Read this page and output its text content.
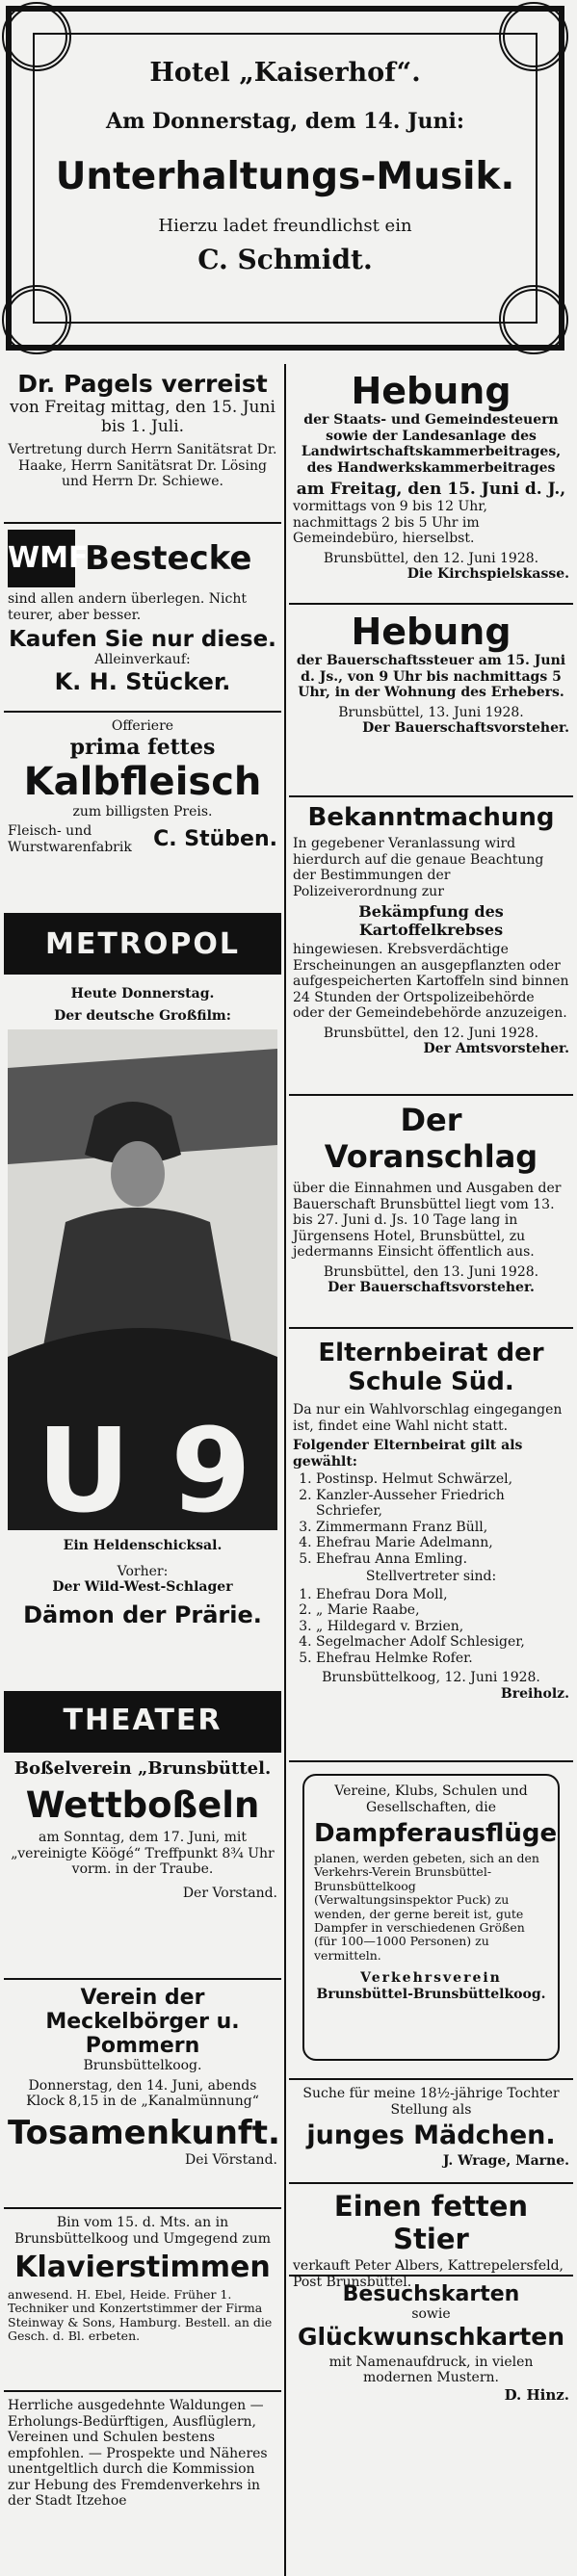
Hotel „Kaiserhof“.
Am Donnerstag, dem 14. Juni:
Unterhaltungs-Musik.
Hierzu ladet freundlichst ein
C. Schmidt.
Dr. Pagels verreist
von Freitag mittag, den 15. Juni bis 1. Juli.
Vertretung durch Herrn Sanitätsrat Dr. Haake, Herrn Sanitätsrat Dr. Lösing und Herrn Dr. Schiewe.
WMF
Bestecke
sind allen andern überlegen. Nicht teurer, aber besser.
Kaufen Sie nur diese.
Alleinverkauf:
K. H. Stücker.
Offeriere
prima fettes
Kalbfleisch
zum billigsten Preis.
Fleisch- und Wurstwarenfabrik	C. Stüben.
METROPOL
Heute Donnerstag.
Der deutsche Großfilm:
U 9
Ein Heldenschicksal.
Vorher:
Der Wild-West-Schlager
Dämon der Prärie.
THEATER
Boßelverein „Brunsbüttel.
Wettboßeln
am Sonntag, dem 17. Juni, mit „vereinigte Köögé“ Treffpunkt 8¾ Uhr vorm. in der Traube.
Der Vorstand.
Verein der Meckelbörger u. Pommern
Brunsbüttelkoog.
Donnerstag, den 14. Juni, abends Klock 8,15 in de „Kanalmünnung“
Tosamenkunft.
Dei Vörstand.
Bin vom 15. d. Mts. an in Brunsbüttelkoog und Umgegend zum
Klavierstimmen
anwesend. H. Ebel, Heide. Früher 1. Techniker und Konzertstimmer der Firma Steinway & Sons, Hamburg. Bestell. an die Gesch. d. Bl. erbeten.
Herrliche ausgedehnte Waldungen — Erholungs-Bedürftigen, Ausflüglern, Vereinen und Schulen bestens empfohlen. — Prospekte und Näheres unentgeltlich durch die Kommission zur Hebung des Fremdenverkehrs in der Stadt Itzehoe
Hebung
der Staats- und Gemeindesteuern sowie der Landesanlage des Landwirtschaftskammerbeitrages, des Handwerkskammerbeitrages
am Freitag, den 15. Juni d. J.,
vormittags von 9 bis 12 Uhr, nachmittags 2 bis 5 Uhr im Gemeindebüro, hierselbst.
Brunsbüttel, den 12. Juni 1928.
Die Kirchspielskasse.
Hebung
der Bauerschaftssteuer am 15. Juni d. Js., von 9 Uhr bis nachmittags 5 Uhr, in der Wohnung des Erhebers.
Brunsbüttel, 13. Juni 1928.
Der Bauerschaftsvorsteher.
Bekanntmachung
In gegebener Veranlassung wird hierdurch auf die genaue Beachtung der Bestimmungen der Polizeiverordnung zur
Bekämpfung des Kartoffelkrebses
hingewiesen. Krebsverdächtige Erscheinungen an ausgepflanzten oder aufgespeicherten Kartoffeln sind binnen 24 Stunden der Ortspolizeibehörde oder der Gemeindebehörde anzuzeigen.
Brunsbüttel, den 12. Juni 1928.
Der Amtsvorsteher.
Der Voranschlag
über die Einnahmen und Ausgaben der Bauerschaft Brunsbüttel liegt vom 13. bis 27. Juni d. Js. 10 Tage lang in Jürgensens Hotel, Brunsbüttel, zu jedermanns Einsicht öffentlich aus.
Brunsbüttel, den 13. Juni 1928.
Der Bauerschaftsvorsteher.
Elternbeirat der Schule Süd.
Da nur ein Wahlvorschlag eingegangen ist, findet eine Wahl nicht statt.
Folgender Elternbeirat gilt als gewählt:
1. Postinsp. Helmut Schwärzel,
2. Kanzler-Ausseher Friedrich Schriefer,
3. Zimmermann Franz Büll,
4. Ehefrau Marie Adelmann,
5. Ehefrau Anna Emling.
Stellvertreter sind:
1. Ehefrau Dora Moll,
2. „ Marie Raabe,
3. „ Hildegard v. Brzien,
4. Segelmacher Adolf Schlesiger,
5. Ehefrau Helmke Rofer.
Brunsbüttelkoog, 12. Juni 1928.
Breiholz.
Vereine, Klubs, Schulen und Gesellschaften, die
Dampferausflüge
planen, werden gebeten, sich an den Verkehrs-Verein Brunsbüttel-Brunsbüttelkoog (Verwaltungsinspektor Puck) zu wenden, der gerne bereit ist, gute Dampfer in verschiedenen Größen (für 100—1000 Personen) zu vermitteln.
Verkehrsverein
Brunsbüttel-Brunsbüttelkoog.
Suche für meine 18½-jährige Tochter Stellung als
junges Mädchen.
J. Wrage, Marne.
Einen fetten Stier
verkauft Peter Albers, Kattrepelersfeld, Post Brunsbüttel.
Besuchskarten
sowie
Glückwunschkarten
mit Namenaufdruck, in vielen modernen Mustern.
D. Hinz.
